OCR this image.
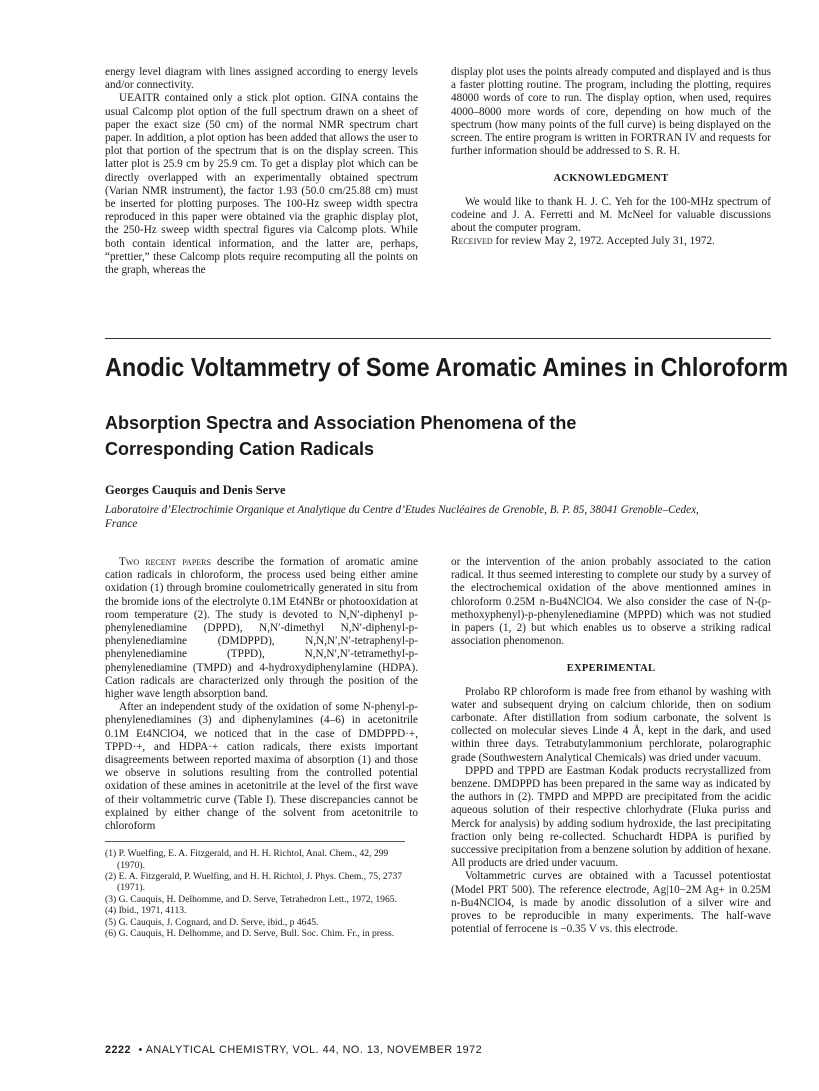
energy level diagram with lines assigned according to energy levels and/or connectivity.

UEAITR contained only a stick plot option. GINA contains the usual Calcomp plot option of the full spectrum drawn on a sheet of paper the exact size (50 cm) of the normal NMR spectrum chart paper. In addition, a plot option has been added that allows the user to plot that portion of the spectrum that is on the display screen. This latter plot is 25.9 cm by 25.9 cm. To get a display plot which can be directly overlapped with an experimentally obtained spectrum (Varian NMR instrument), the factor 1.93 (50.0 cm/25.88 cm) must be inserted for plotting purposes. The 100-Hz sweep width spectra reproduced in this paper were obtained via the graphic display plot, the 250-Hz sweep width spectral figures via Calcomp plots. While both contain identical information, and the latter are, perhaps, “prettier,” these Calcomp plots require recomputing all the points on the graph, whereas the

display plot uses the points already computed and displayed and is thus a faster plotting routine. The program, including the plotting, requires 48000 words of core to run. The display option, when used, requires 4000–8000 more words of core, depending on how much of the spectrum (how many points of the full curve) is being displayed on the screen. The entire program is written in FORTRAN IV and requests for further information should be addressed to S. R. H.

ACKNOWLEDGMENT

We would like to thank H. J. C. Yeh for the 100-MHz spectrum of codeine and J. A. Ferretti and M. McNeel for valuable discussions about the computer program.

Received for review May 2, 1972. Accepted July 31, 1972.

Anodic Voltammetry of Some Aromatic Amines in Chloroform
Absorption Spectra and Association Phenomena of the Corresponding Cation Radicals
Georges Cauquis and Denis Serve
Laboratoire d’Electrochimie Organique et Analytique du Centre d’Etudes Nucléaires de Grenoble, B. P. 85, 38041 Grenoble–Cedex, France

Two recent papers describe the formation of aromatic amine cation radicals in chloroform, the process used being either amine oxidation (1) through bromine coulometrically generated in situ from the bromide ions of the electrolyte 0.1M Et4NBr or photooxidation at room temperature (2). The study is devoted to N,N′-diphenyl p-phenylenediamine (DPPD), N,N′-dimethyl N,N′-diphenyl-p-phenylenediamine (DMDPPD), N,N,N′,N′-tetraphenyl-p-phenylenediamine (TPPD), N,N,N′,N′-tetramethyl-p-phenylenediamine (TMPD) and 4-hydroxydiphenylamine (HDPA). Cation radicals are characterized only through the position of the higher wave length absorption band.

After an independent study of the oxidation of some N-phenyl-p-phenylenediamines (3) and diphenylamines (4–6) in acetonitrile 0.1M Et4NClO4, we noticed that in the case of DMDPPD·+, TPPD·+, and HDPA·+ cation radicals, there exists important disagreements between reported maxima of absorption (1) and those we observe in solutions resulting from the controlled potential oxidation of these amines in acetonitrile at the level of the first wave of their voltammetric curve (Table I). These discrepancies cannot be explained by either change of the solvent from acetonitrile to chloroform

(1) P. Wuelfing, E. A. Fitzgerald, and H. H. Richtol, Anal. Chem., 42, 299 (1970).
(2) E. A. Fitzgerald, P. Wuelfing, and H. H. Richtol, J. Phys. Chem., 75, 2737 (1971).
(3) G. Cauquis, H. Delhomme, and D. Serve, Tetrahedron Lett., 1972, 1965.
(4) Ibid., 1971, 4113.
(5) G. Cauquis, J. Cognard, and D. Serve, ibid., p 4645.
(6) G. Cauquis, H. Delhomme, and D. Serve, Bull. Soc. Chim. Fr., in press.

or the intervention of the anion probably associated to the cation radical. It thus seemed interesting to complete our study by a survey of the electrochemical oxidation of the above mentionned amines in chloroform 0.25M n-Bu4NClO4. We also consider the case of N-(p-methoxyphenyl)-p-phenylenediamine (MPPD) which was not studied in papers (1, 2) but which enables us to observe a striking radical association phenomenon.

EXPERIMENTAL

Prolabo RP chloroform is made free from ethanol by washing with water and subsequent drying on calcium chloride, then on sodium carbonate. After distillation from sodium carbonate, the solvent is collected on molecular sieves Linde 4 Å, kept in the dark, and used within three days. Tetrabutylammonium perchlorate, polarographic grade (Southwestern Analytical Chemicals) was dried under vacuum.

DPPD and TPPD are Eastman Kodak products recrystallized from benzene. DMDPPD has been prepared in the same way as indicated by the authors in (2). TMPD and MPPD are precipitated from the acidic aqueous solution of their respective chlorhydrate (Fluka puriss and Merck for analysis) by adding sodium hydroxide, the last precipitating fraction only being re-collected. Schuchardt HDPA is purified by successive precipitation from a benzene solution by addition of hexane. All products are dried under vacuum.

Voltammetric curves are obtained with a Tacussel potentiostat (Model PRT 500). The reference electrode, Ag|10−2M Ag+ in 0.25M n-Bu4NClO4, is made by anodic dissolution of a silver wire and proves to be reproducible in many experiments. The half-wave potential of ferrocene is −0.35 V vs. this electrode.

2222 • ANALYTICAL CHEMISTRY, VOL. 44, NO. 13, NOVEMBER 1972
